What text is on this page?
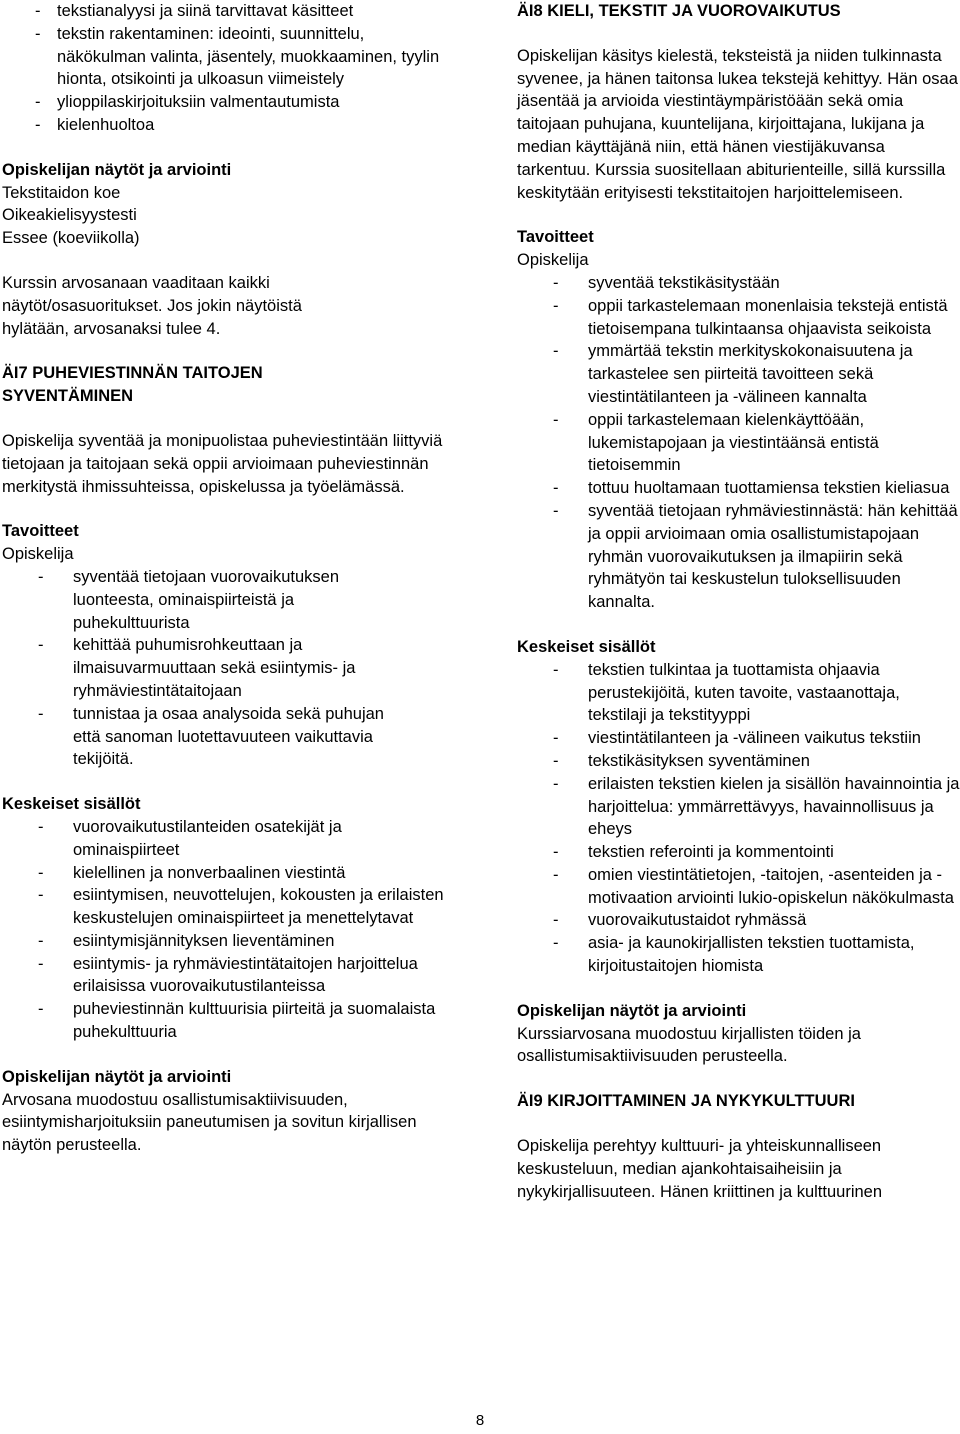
- tekstianalyysi ja siinä tarvittavat käsitteet
- tekstin rakentaminen: ideointi, suunnittelu, näkökulman valinta, jäsentely, muokkaaminen, tyylin hionta, otsikointi ja ulkoasun viimeistely
- ylioppilaskirjoituksiin valmentautumista
- kielenhuoltoa

Opiskelijan näytöt ja arviointi

Tekstitaidon koe

Oikeakielisyystesti

Essee (koeviikolla)

Kurssin arvosanaan vaaditaan kaikki näytöt/osasuoritukset. Jos jokin näytöistä hylätään, arvosanaksi tulee 4.

ÄI7 PUHEVIESTINNÄN TAITOJEN SYVENTÄMINEN

Opiskelija syventää ja monipuolistaa puheviestintään liittyviä tietojaan ja taitojaan sekä oppii arvioimaan puheviestinnän merkitystä ihmissuhteissa, opiskelussa ja työelämässä.

Tavoitteet

Opiskelija

- syventää tietojaan vuorovaikutuksen luonteesta, ominaispiirteistä ja puhekulttuurista
- kehittää puhumisrohkeuttaan ja ilmaisuvarmuuttaan sekä esiintymis- ja ryhmäviestintätaitojaan
- tunnistaa ja osaa analysoida sekä puhujan että sanoman luotettavuuteen vaikuttavia tekijöitä.

Keskeiset sisällöt

- vuorovaikutustilanteiden osatekijät ja ominaispiirteet
- kielellinen ja nonverbaalinen viestintä
- esiintymisen, neuvottelujen, kokousten ja erilaisten keskustelujen ominaispiirteet ja menettelytavat
- esiintymisjännityksen lieventäminen
- esiintymis- ja ryhmäviestintätaitojen harjoittelua erilaisissa vuorovaikutustilanteissa
- puheviestinnän kulttuurisia piirteitä ja suomalaista puhekulttuuria

Opiskelijan näytöt ja arviointi

Arvosana muodostuu osallistumisaktiivisuuden, esiintymisharjoituksiin paneutumisen ja sovitun kirjallisen näytön perusteella.

ÄI8 KIELI, TEKSTIT JA VUOROVAIKUTUS

Opiskelijan käsitys kielestä, teksteistä ja niiden tulkinnasta syvenee, ja hänen taitonsa lukea tekstejä kehittyy. Hän osaa jäsentää ja arvioida viestintäympäristöään sekä omia taitojaan puhujana, kuuntelijana, kirjoittajana, lukijana ja median käyttäjänä niin, että hänen viestijäkuvansa tarkentuu. Kurssia suositellaan abiturienteille, sillä kurssilla keskitytään erityisesti tekstitaitojen harjoittelemiseen.

Tavoitteet

Opiskelija

- syventää tekstikäsitystään
- oppii tarkastelemaan monenlaisia tekstejä entistä tietoisempana tulkintaansa ohjaavista seikoista
- ymmärtää tekstin merkityskokonaisuutena ja tarkastelee sen piirteitä tavoitteen sekä viestintätilanteen ja -välineen kannalta
- oppii tarkastelemaan kielenkäyttöään, lukemistapojaan ja viestintäänsä entistä tietoisemmin
- tottuu huoltamaan tuottamiensa tekstien kieliasua
- syventää tietojaan ryhmäviestinnästä: hän kehittää ja oppii arvioimaan omia osallistumistapojaan ryhmän vuorovaikutuksen ja ilmapiirin sekä ryhmätyön tai keskustelun tuloksellisuuden kannalta.

Keskeiset sisällöt

- tekstien tulkintaa ja tuottamista ohjaavia perustekijöitä, kuten tavoite, vastaanottaja, tekstilaji ja tekstityyppi
- viestintätilanteen ja -välineen vaikutus tekstiin
- tekstikäsityksen syventäminen
- erilaisten tekstien kielen ja sisällön havainnointia ja harjoittelua: ymmärrettävyys, havainnollisuus ja eheys
- tekstien referointi ja kommentointi
- omien viestintätietojen, -taitojen, -asenteiden ja -motivaation arviointi lukio-opiskelun näkökulmasta
- vuorovaikutustaidot ryhmässä
- asia- ja kaunokirjallisten tekstien tuottamista, kirjoitustaitojen hiomista

Opiskelijan näytöt ja arviointi

Kurssiarvosana muodostuu kirjallisten töiden ja osallistumisaktiivisuuden perusteella.

ÄI9 KIRJOITTAMINEN JA NYKYKULTTUURI

Opiskelija perehtyy kulttuuri- ja yhteiskunnalliseen keskusteluun, median ajankohtaisaiheisiin ja nykykirjallisuuteen. Hänen kriittinen ja kulttuurinen

8
